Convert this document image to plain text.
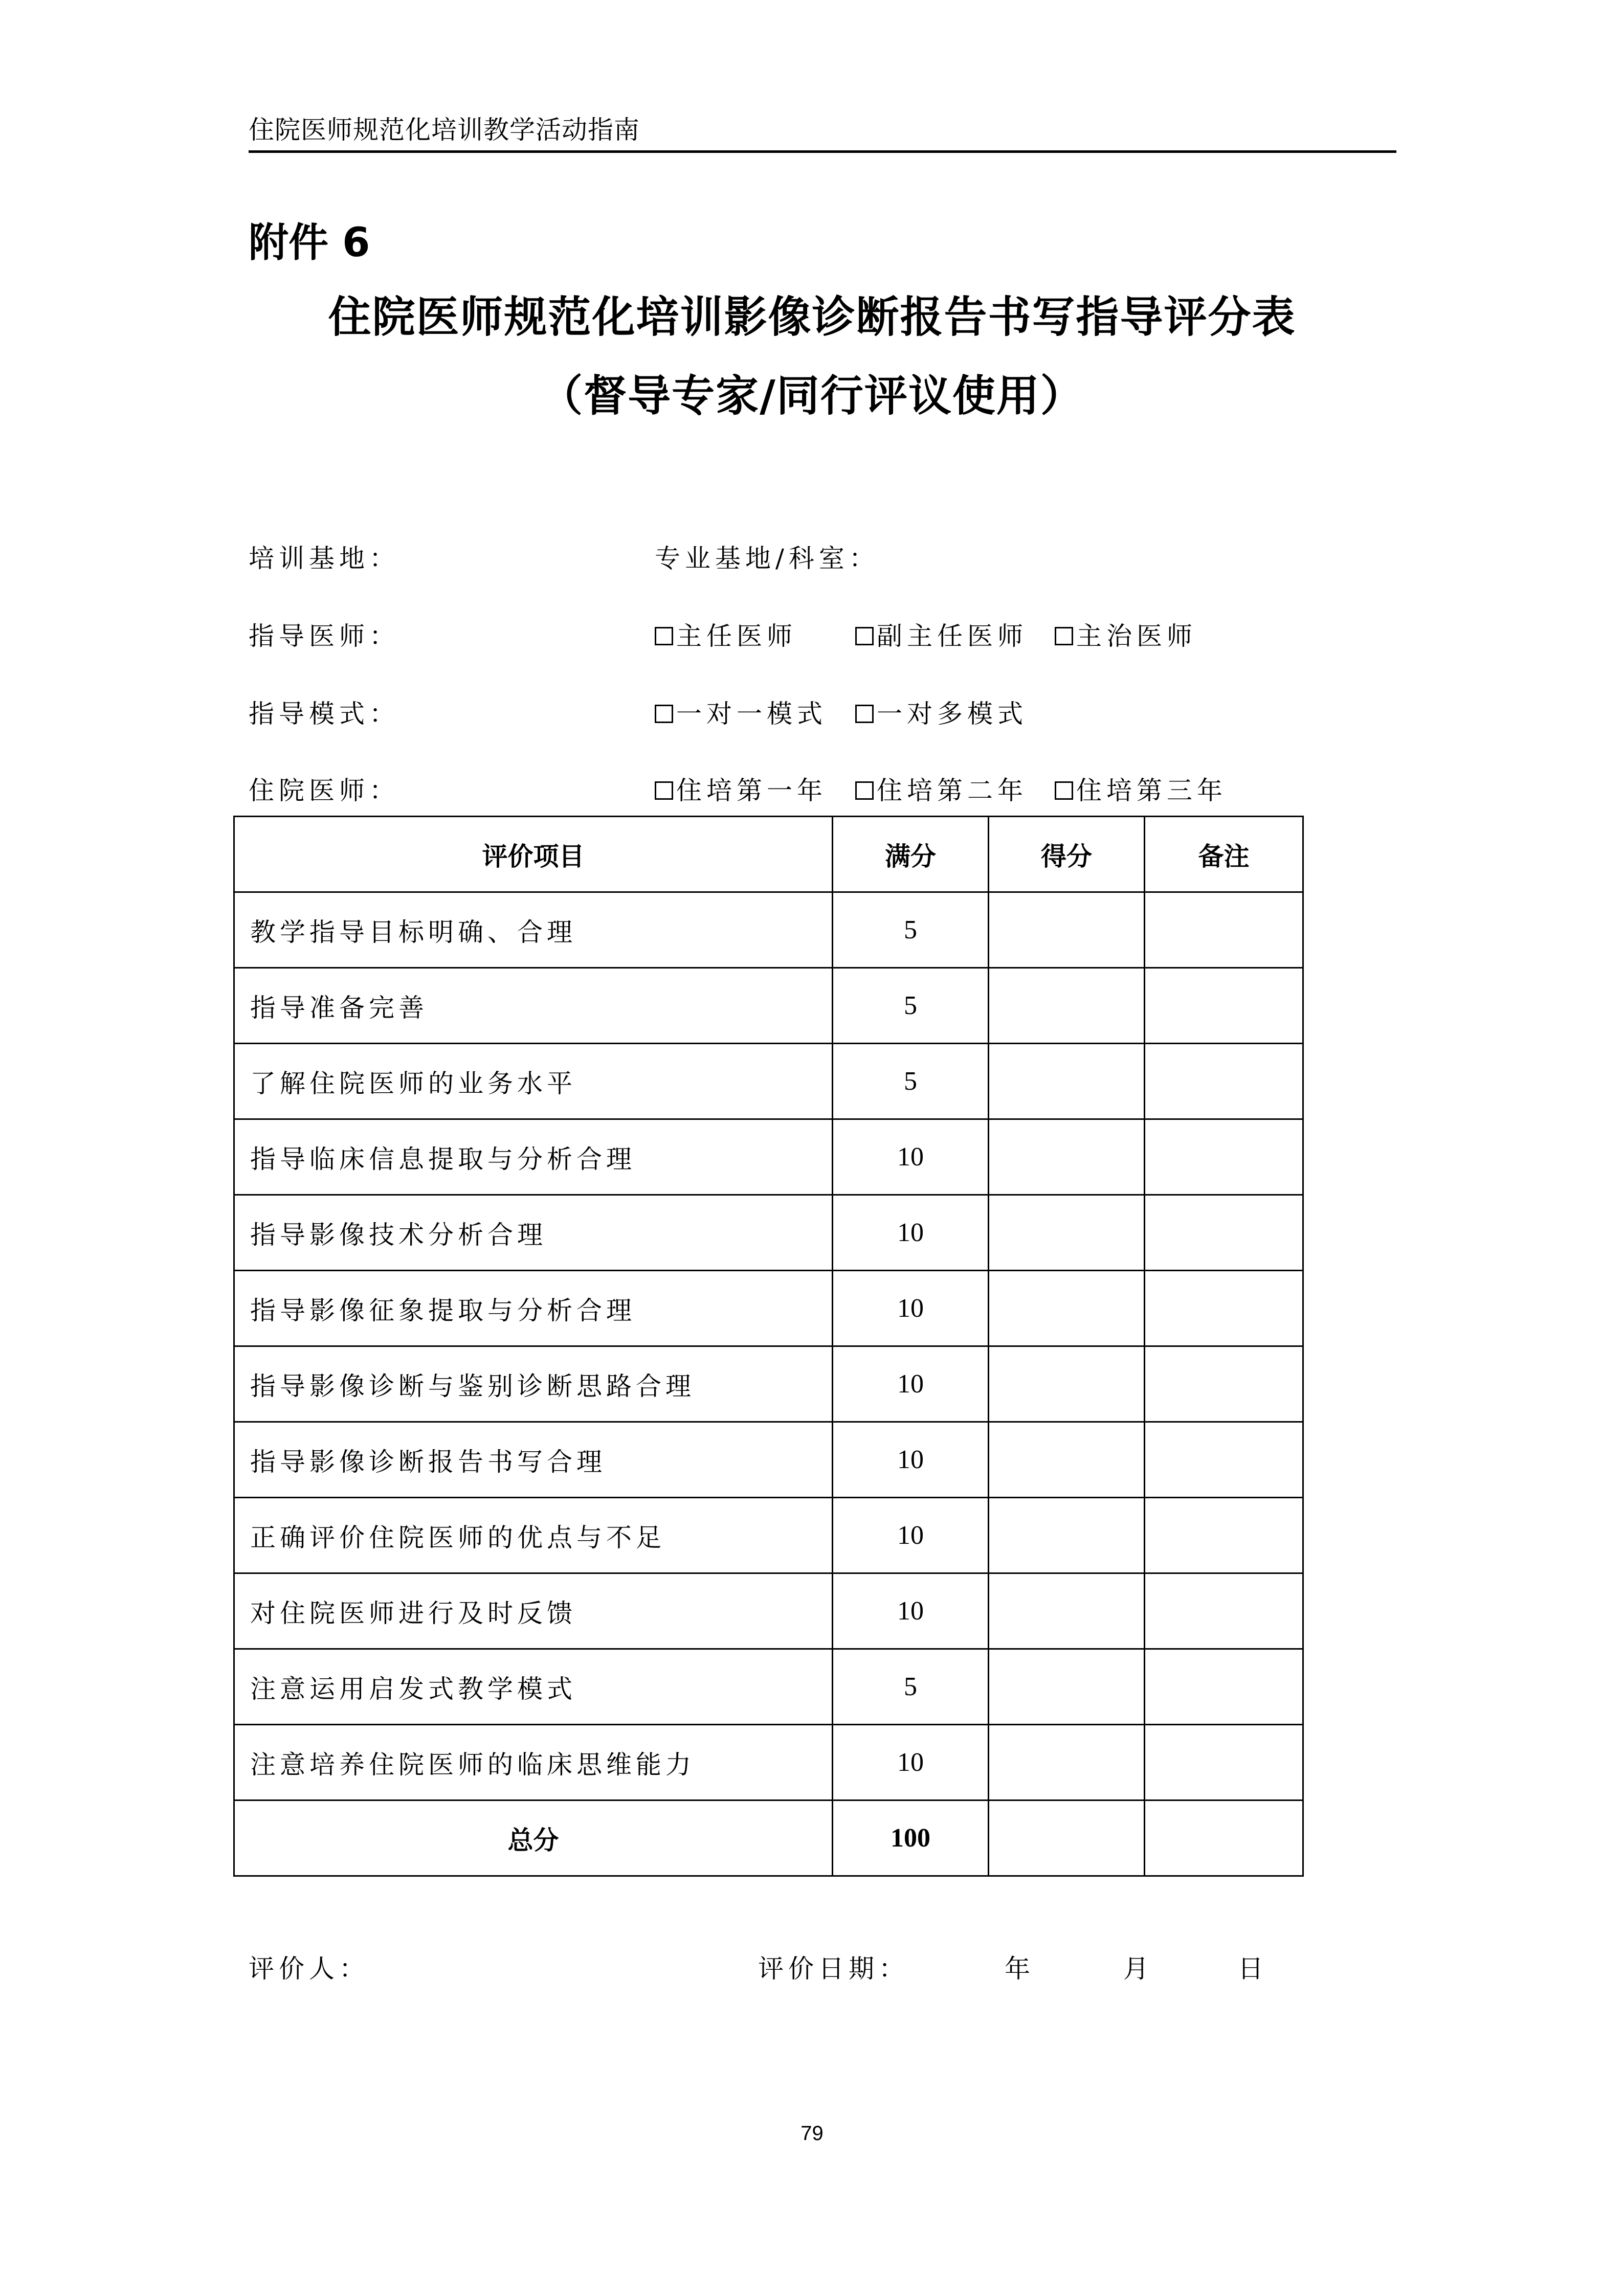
住院医师规范化培训教学活动指南
附件 6
住院医师规范化培训影像诊断报告书写指导评分表
（督导专家/同行评议使用）
培训基地：	专业基地/科室：
指导医师：	主任医师	副主任医师 主治医师
指导模式：	一对一模式 一对多模式
住院医师：	住培第一年 住培第二年 住培第三年
评价项目	满分	得分	备注
教学指导目标明确、合理	5		
指导准备完善	5		
了解住院医师的业务水平	5		
指导临床信息提取与分析合理	10		
指导影像技术分析合理	10		
指导影像征象提取与分析合理	10		
指导影像诊断与鉴别诊断思路合理	10		
指导影像诊断报告书写合理	10		
正确评价住院医师的优点与不足	10		
对住院医师进行及时反馈	10		
注意运用启发式教学模式	5		
注意培养住院医师的临床思维能力	10		
总分	100		
评价人：	评价日期：	年	月	日
79
